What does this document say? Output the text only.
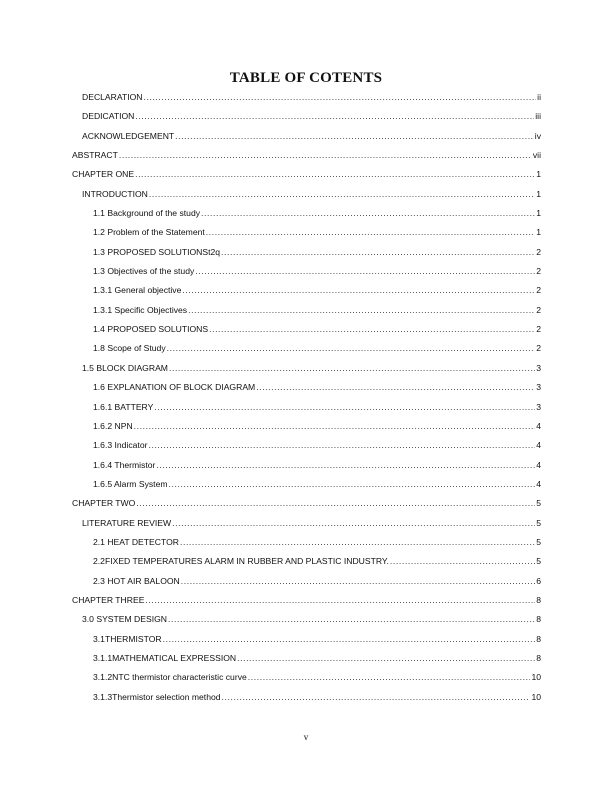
TABLE OF COTENTS
DECLARATION .....	ii
DEDICATION .....	iii
ACKNOWLEDGEMENT .....	iv
ABSTRACT .....	vii
CHAPTER ONE .....	1
INTRODUCTION .....	1
1.1 Background of the study .....	1
1.2 Problem of the Statement .....	1
1.3 PROPOSED SOLUTIONSt2q .....	2
1.3 Objectives of the study .....	2
1.3.1 General objective .....	2
1.3.1 Specific Objectives .....	2
1.4 PROPOSED SOLUTIONS .....	2
1.8 Scope of Study .....	2
1.5 BLOCK DIAGRAM .....	3
1.6 EXPLANATION OF BLOCK DIAGRAM .....	3
1.6.1 BATTERY .....	3
1.6.2 NPN .....	4
1.6.3 Indicator .....	4
1.6.4 Thermistor .....	4
1.6.5 Alarm System .....	4
CHAPTER TWO .....	5
LITERATURE REVIEW .....	5
2.1 HEAT DETECTOR .....	5
2.2FIXED TEMPERATURES ALARM IN RUBBER AND PLASTIC INDUSTRY. .....	5
2.3 HOT AIR BALOON .....	6
CHAPTER THREE .....	8
3.0 SYSTEM DESIGN .....	8
3.1THERMISTOR .....	8
3.1.1MATHEMATICAL EXPRESSION .....	8
3.1.2NTC thermistor characteristic curve .....	10
3.1.3Thermistor selection method .....	10
v
